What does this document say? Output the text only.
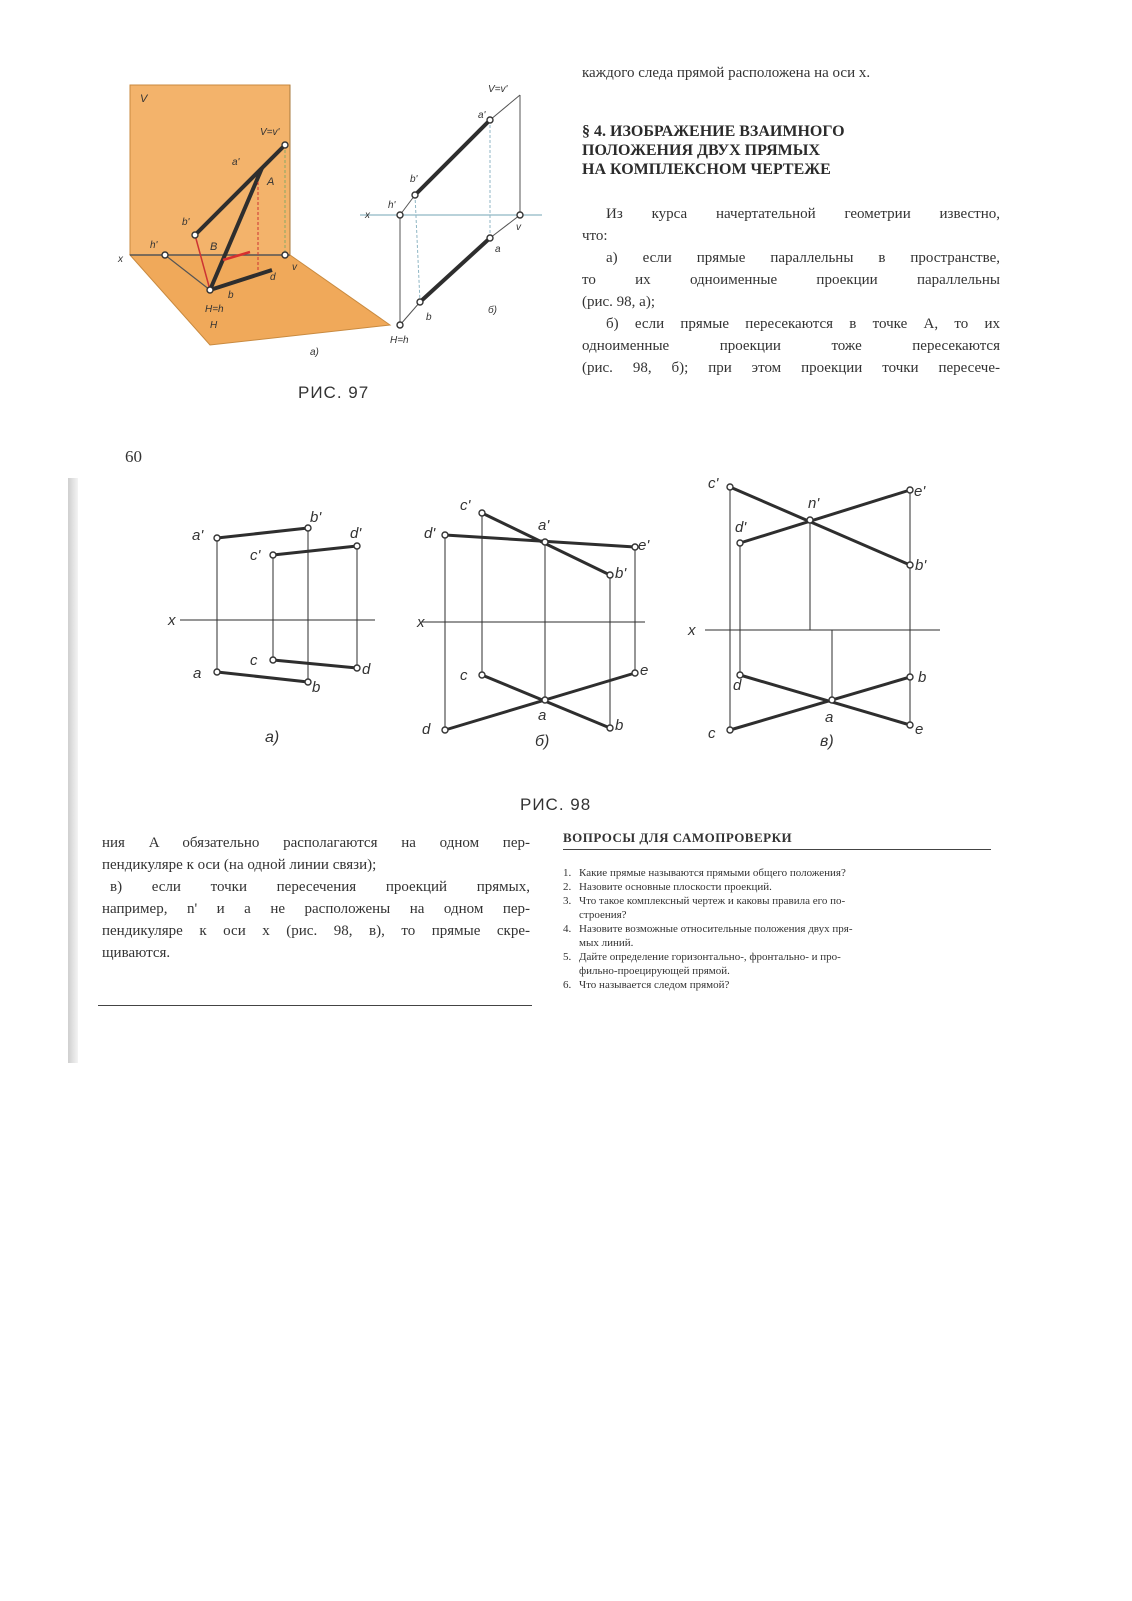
V
V=v'
a'
A
b'
h'	B
d
b
v
H=h
x
H
а)
V=v'
a'
b'
h'
x
v
a
b
H=h
б)
РИС. 97
каждого следа прямой расположена на оси x.
§ 4. ИЗОБРАЖЕНИЕ ВЗАИМНОГО
ПОЛОЖЕНИЯ ДВУХ ПРЯМЫХ
НА КОМПЛЕКСНОМ ЧЕРТЕЖЕ
Из курса начертательной геометрии известно,
что:
а) если прямые параллельны в пространстве,
то их одноименные проекции параллельны
(рис. 98, а);
б) если прямые пересекаются в точке A, то их
одноименные проекции тоже пересекаются
(рис. 98, б); при этом проекции точки пересече-
60
x
a'
b'
c'
d'
a
b
c
d
а)
x
c'
d'	a'
e'
b'
c	e
a
d	b
б)
x
c'
n'
e'
d'
b'
d	b
a
c	e
в)
РИС. 98
ния A обязательно располагаются на одном пер-
пендикуляре к оси (на одной линии связи);
в) если точки пересечения проекций прямых,
например, n' и a не расположены на одном пер-
пендикуляре к оси x (рис. 98, в), то прямые скре-
щиваются.
ВОПРОСЫ ДЛЯ САМОПРОВЕРКИ
1. Какие прямые называются прямыми общего положения?
2. Назовите основные плоскости проекций.
3. Что такое комплексный чертеж и каковы правила его по-
строения?
4. Назовите возможные относительные положения двух пря-
мых линий.
5. Дайте определение горизонтально-, фронтально- и про-
фильно-проецирующей прямой.
6. Что называется следом прямой?
